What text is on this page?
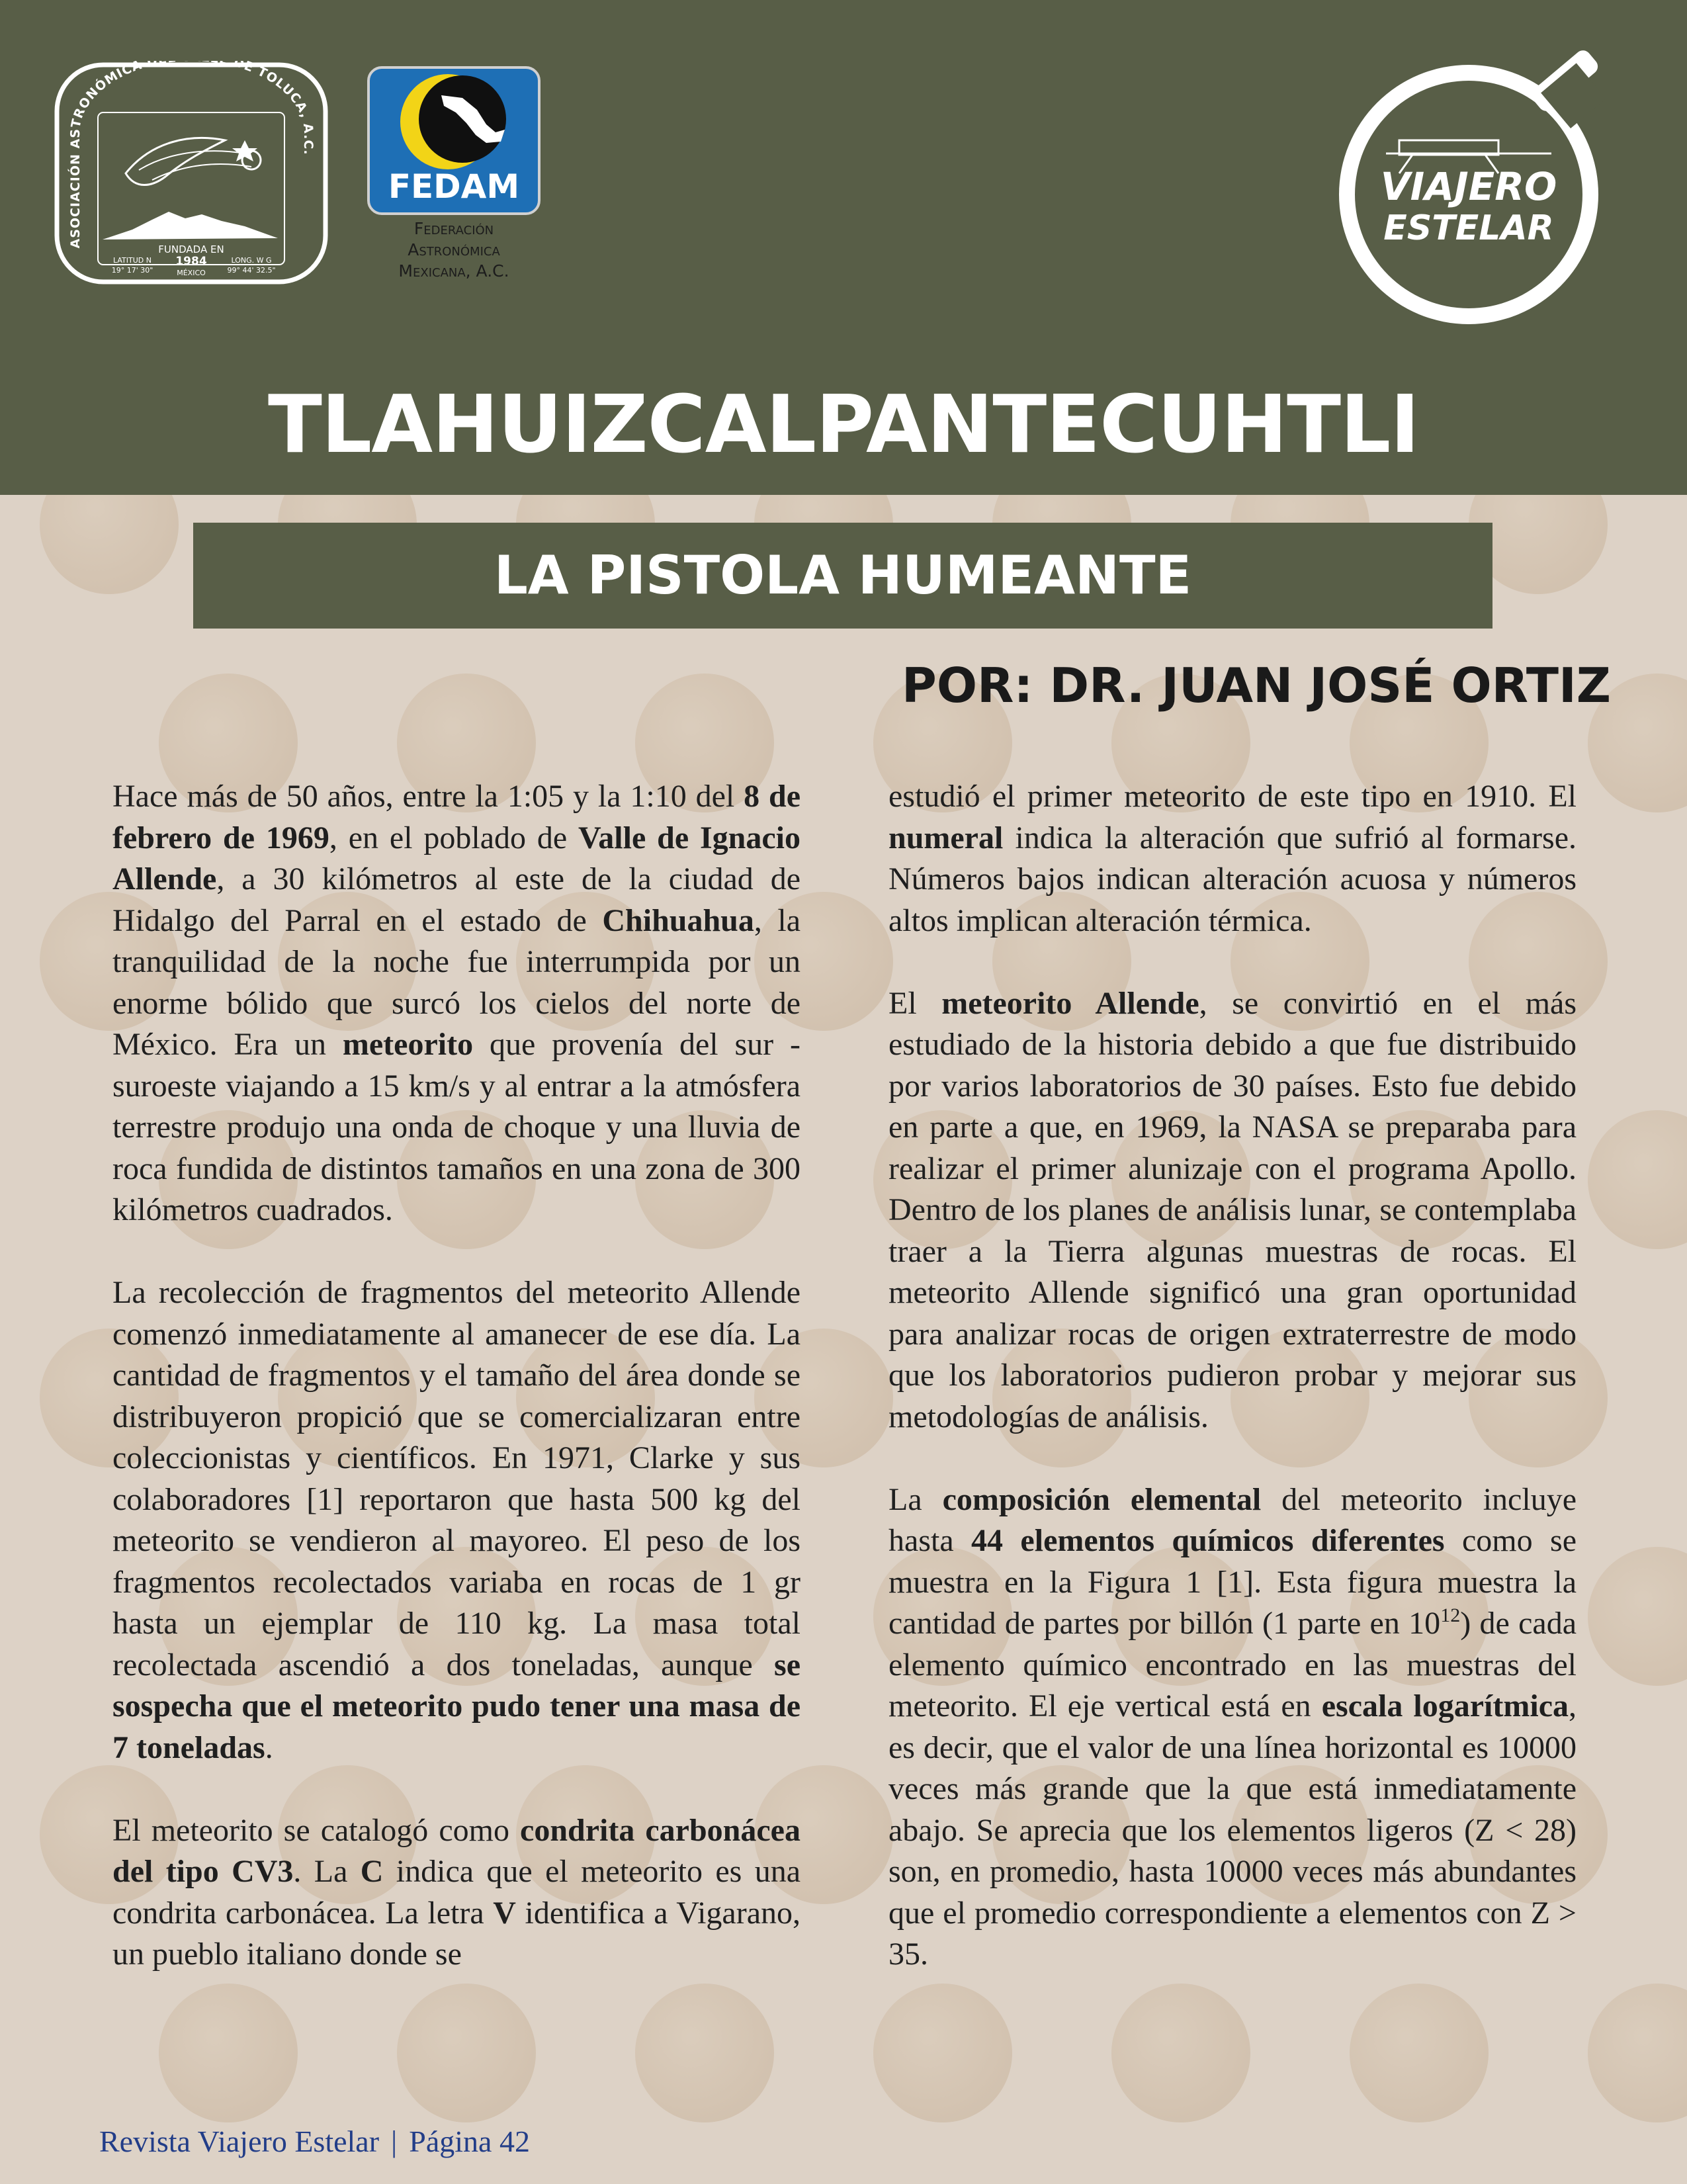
ASOCIACIÓN ASTRONÓMICA D DE TOLUCA, A.C.
FUNDADA EN
1984
MÉXICO
LATITUD N
19° 17' 30"
LONG. W G
99° 44' 32.5"
FEDAM
Federación
Astronómica
Mexicana, A.C.
VIAJERO
ESTELAR
TLAHUIZCALPANTECUHTLI
LA PISTOLA HUMEANTE
POR: DR. JUAN JOSÉ ORTIZ

Hace más de 50 años, entre la 1:05 y la 1:10 del 8 de febrero de 1969, en el poblado de Valle de Ignacio Allende, a 30 kilómetros al este de la ciudad de Hidalgo del Parral en el estado de Chihuahua, la tranquilidad de la noche fue interrumpida por un enorme bólido que surcó los cielos del norte de México. Era un meteorito que provenía del sur - suroeste viajando a 15 km/s y al entrar a la atmósfera terrestre produjo una onda de choque y una lluvia de roca fundida de distintos tamaños en una zona de 300 kilómetros cuadrados.

La recolección de fragmentos del meteorito Allende comenzó inmediatamente al amanecer de ese día. La cantidad de fragmentos y el tamaño del área donde se distribuyeron propició que se comercializaran entre coleccionistas y científicos. En 1971, Clarke y sus colaboradores [1] reportaron que hasta 500 kg del meteorito se vendieron al mayoreo. El peso de los fragmentos recolectados variaba en rocas de 1 gr hasta un ejemplar de 110 kg. La masa total recolectada ascendió a dos toneladas, aunque se sospecha que el meteorito pudo tener una masa de 7 toneladas.

El meteorito se catalogó como condrita carbonácea del tipo CV3. La C indica que el meteorito es una condrita carbonácea. La letra V identifica a Vigarano, un pueblo italiano donde se

estudió el primer meteorito de este tipo en 1910. El numeral indica la alteración que sufrió al formarse. Números bajos indican alteración acuosa y números altos implican alteración térmica.

El meteorito Allende, se convirtió en el más estudiado de la historia debido a que fue distribuido por varios laboratorios de 30 países. Esto fue debido en parte a que, en 1969, la NASA se preparaba para realizar el primer alunizaje con el programa Apollo. Dentro de los planes de análisis lunar, se contemplaba traer a la Tierra algunas muestras de rocas. El meteorito Allende significó una gran oportunidad para analizar rocas de origen extraterrestre de modo que los laboratorios pudieron probar y mejorar sus metodologías de análisis.

La composición elemental del meteorito incluye hasta 44 elementos químicos diferentes como se muestra en la Figura 1 [1]. Esta figura muestra la cantidad de partes por billón (1 parte en $10^{12}$) de cada elemento químico encontrado en las muestras del meteorito. El eje vertical está en escala logarítmica, es decir, que el valor de una línea horizontal es 10000 veces más grande que la que está inmediatamente abajo. Se aprecia que los elementos ligeros (Z < 28) son, en promedio, hasta 10000 veces más abundantes que el promedio correspondiente a elementos con Z > 35.

Revista Viajero Estelar | Página 42
